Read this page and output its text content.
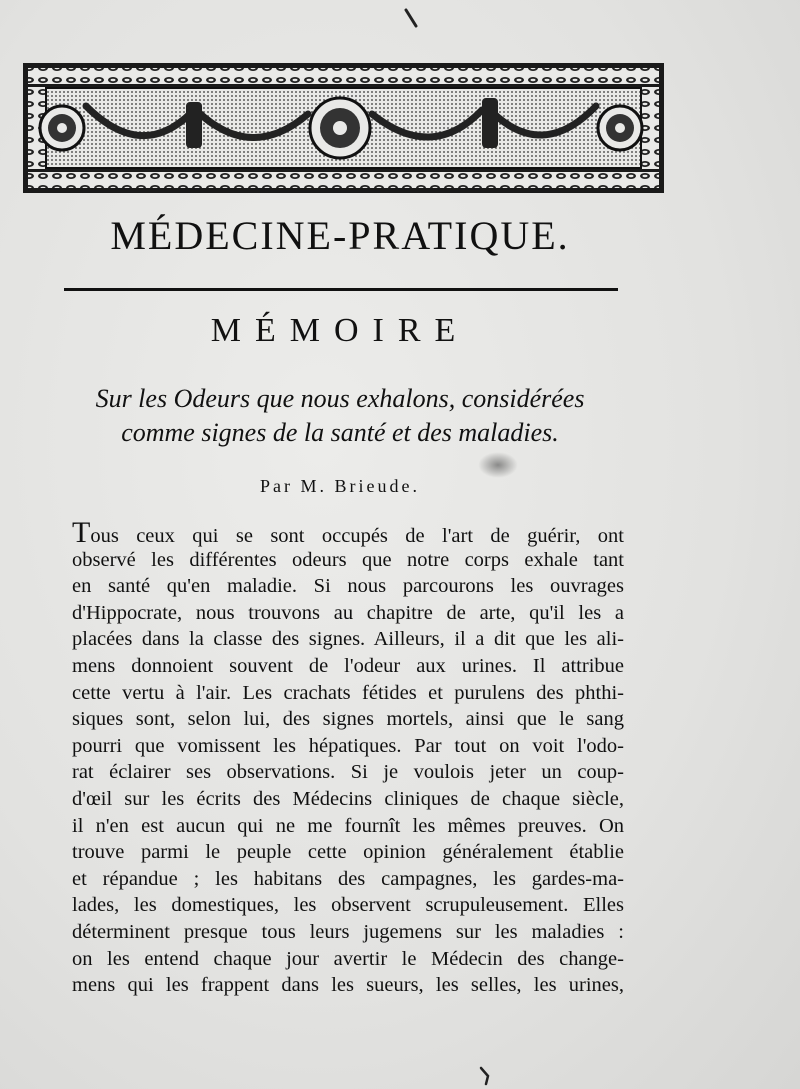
MÉDECINE-PRATIQUE.
MÉMOIRE
Sur les Odeurs que nous exhalons, considérées
comme signes de la santé et des maladies.
Par M. Brieude.
Tous ceux qui se sont occupés de l'art de guérir, ont
observé les différentes odeurs que notre corps exhale tant
en santé qu'en maladie. Si nous parcourons les ouvrages
d'Hippocrate, nous trouvons au chapitre de arte, qu'il les a
placées dans la classe des signes. Ailleurs, il a dit que les ali-
mens donnoient souvent de l'odeur aux urines. Il attribue
cette vertu à l'air. Les crachats fétides et purulens des phthi-
siques sont, selon lui, des signes mortels, ainsi que le sang
pourri que vomissent les hépatiques. Par tout on voit l'odo-
rat éclairer ses observations. Si je voulois jeter un coup-
d'œil sur les écrits des Médecins cliniques de chaque siècle,
il n'en est aucun qui ne me fournît les mêmes preuves. On
trouve parmi le peuple cette opinion généralement établie
et répandue ; les habitans des campagnes, les gardes-ma-
lades, les domestiques, les observent scrupuleusement. Elles
déterminent presque tous leurs jugemens sur les maladies :
on les entend chaque jour avertir le Médecin des change-
mens qui les frappent dans les sueurs, les selles, les urines,
